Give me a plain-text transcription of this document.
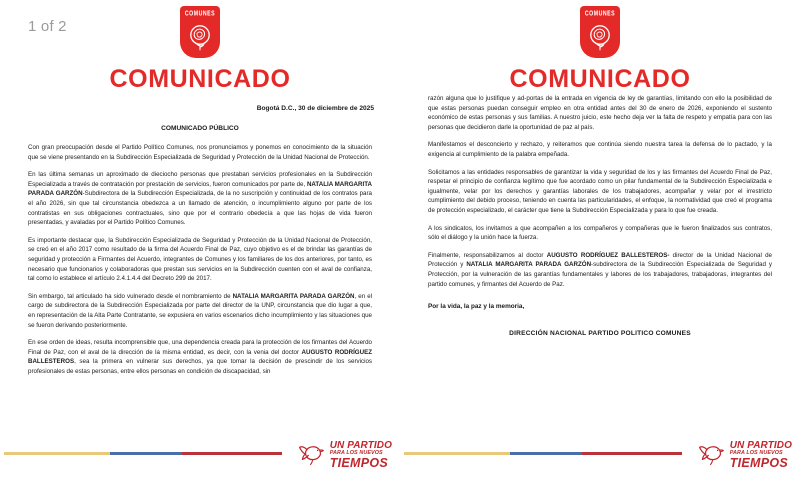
1 of 2
COMUNES
COMUNICADO
Bogotá D.C., 30 de diciembre de 2025
COMUNICADO PÚBLICO

Con gran preocupación desde el Partido Político Comunes, nos pronunciamos y ponemos en conocimiento de la situación que se viene presentando en la Subdirección Especializada de Seguridad y Protección de la Unidad Nacional de Protección.

En las última semanas un aproximado de dieciocho personas que prestaban servicios profesionales en la Subdirección Especializada a través de contratación por prestación de servicios, fueron comunicados por parte de, NATALIA MARGARITA PARADA GARZÓN-Subdirectora de la Subdirección Especializada, de la no suscripción y continuidad de los contratos para el año 2026, sin que tal circunstancia obedezca a un llamado de atención, o incumplimiento alguno por parte de los contratistas en sus obligaciones contractuales, sino que por el contrario obedecía a que las hojas de vida fueron presentadas, y avaladas por el Partido Político Comunes.

Es importante destacar que, la Subdirección Especializada de Seguridad y Protección de la Unidad Nacional de Protección, se creó en el año 2017 como resultado de la firma del Acuerdo Final de Paz, cuyo objetivo es el de brindar las garantías de seguridad y protección a Firmantes del Acuerdo, integrantes de Comunes y los familiares de los dos anteriores, por tanto, es necesario que funcionarios y colaboradoras que prestan sus servicios en la Subdirección cuenten con el aval de confianza, tal como lo establece el artículo 2.4.1.4.4 del Decreto 299 de 2017.

Sin embargo, tal articulado ha sido vulnerado desde el nombramiento de NATALIA MARGARITA PARADA GARZÓN, en el cargo de subdirectora de la Subdirección Especializada por parte del director de la UNP, circunstancia que dio lugar a que, en representación de la Alta Parte Contratante, se expusiera en varios escenarios dicho incumplimiento y las situaciones que se fueron derivando posteriormente.

En ese orden de ideas, resulta incomprensible que, una dependencia creada para la protección de los firmantes del Acuerdo Final de Paz, con el aval de la dirección de la misma entidad, es decir, con la venia del doctor AUGUSTO RODRÍGUEZ BALLESTEROS, sea la primera en vulnerar sus derechos, ya que tomar la decisión de prescindir de los servicios profesionales de estas personas, entre ellos personas en condición de discapacidad, sin

UN PARTIDO
PARA LOS NUEVOS
TIEMPOS
COMUNES
COMUNICADO

razón alguna que lo justifique y ad-portas de la entrada en vigencia de ley de garantías, limitando con ello la posibilidad de que estas personas puedan conseguir empleo en otra entidad antes del 30 de enero de 2026, exponiendo el sustento económico de estas personas y sus familias. A nuestro juicio, este hecho deja ver la falta de respeto y empatía para con las personas que decidieron darle la oportunidad de paz al país.

Manifestamos el desconcierto y rechazo, y reiteramos que continúa siendo nuestra tarea la defensa de lo pactado, y la exigencia al cumplimiento de la palabra empeñada.

Solicitamos a las entidades responsables de garantizar la vida y seguridad de los y las firmantes del Acuerdo Final de Paz, respetar el principio de confianza legítimo que fue acordado como un pilar fundamental de la Subdirección Especializada e igualmente, velar por los derechos y garantías laborales de los trabajadores, acompañar y velar por el irrestricto cumplimiento del debido proceso, teniendo en cuenta las particularidades, el enfoque, la normatividad que creó el programa de protección especializado, el carácter que tiene la Subdirección Especializada y para lo que fue creada.

A los sindicatos, los invitamos a que acompañen a los compañeros y compañeras que le fueron finalizados sus contratos, sólo el diálogo y la unión hace la fuerza.

Finalmente, responsabilizamos al doctor AUGUSTO RODRÍGUEZ BALLESTEROS- director de la Unidad Nacional de Protección y NATALIA MARGARITA PARADA GARZÓN-subdirectora de la Subdirección Especializada de Seguridad y Protección, por la vulneración de las garantías fundamentales y labores de los trabajadores, trabajadoras, integrantes del partido comunes, y firmantes del Acuerdo de Paz.

Por la vida, la paz y la memoria,
DIRECCIÓN NACIONAL PARTIDO POLITICO COMUNES
UN PARTIDO
PARA LOS NUEVOS
TIEMPOS
